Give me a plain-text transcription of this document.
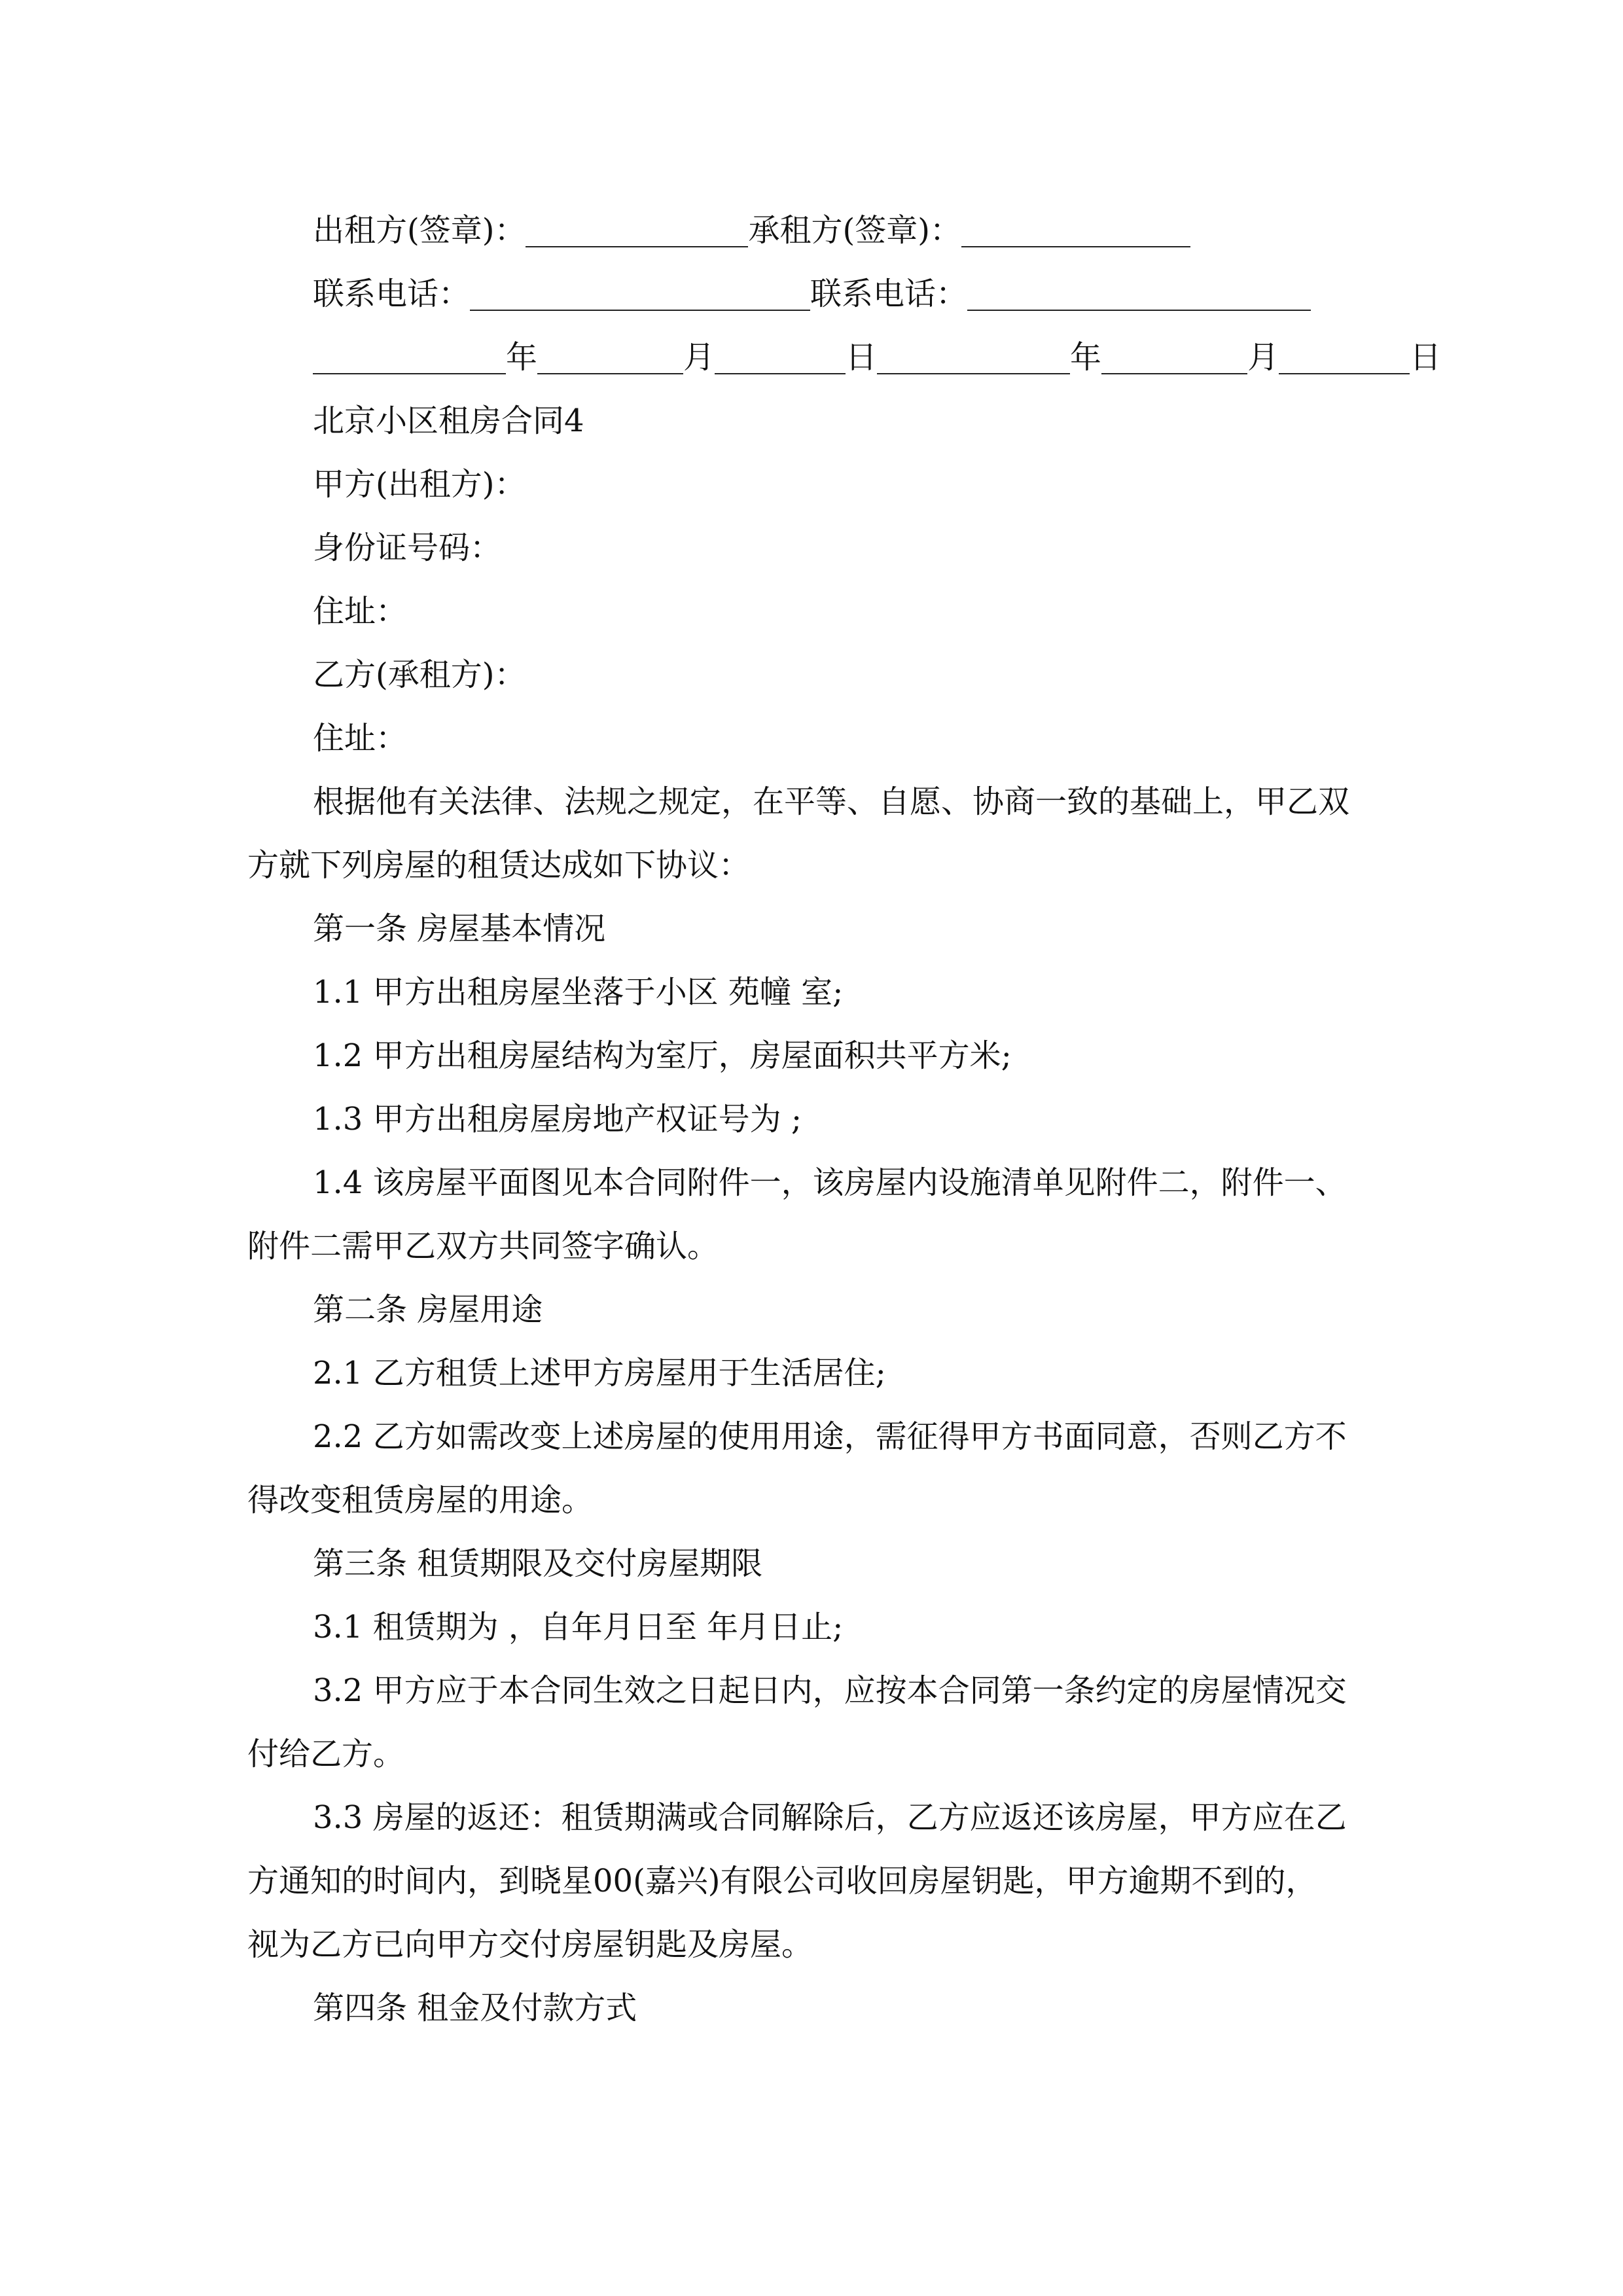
出租方(签章)：	承租方(签章)：
联系电话：	联系电话：
年	月	日	年	月	日
北京小区租房合同4
甲方(出租方)：
身份证号码：
住址：
乙方(承租方)：
住址：
根据他有关法律、法规之规定，在平等、自愿、协商一致的基础上，甲乙双
方就下列房屋的租赁达成如下协议：
第一条 房屋基本情况
1.1 甲方出租房屋坐落于小区 苑幢 室;
1.2 甲方出租房屋结构为室厅，房屋面积共平方米;
1.3 甲方出租房屋房地产权证号为 ;
1.4 该房屋平面图见本合同附件一，该房屋内设施清单见附件二，附件一、
附件二需甲乙双方共同签字确认。
第二条 房屋用途
2.1 乙方租赁上述甲方房屋用于生活居住;
2.2 乙方如需改变上述房屋的使用用途，需征得甲方书面同意，否则乙方不
得改变租赁房屋的用途。
第三条 租赁期限及交付房屋期限
3.1 租赁期为 ，自年月日至 年月日止;
3.2 甲方应于本合同生效之日起日内，应按本合同第一条约定的房屋情况交
付给乙方。
3.3 房屋的返还：租赁期满或合同解除后，乙方应返还该房屋，甲方应在乙
方通知的时间内，到晓星00(嘉兴)有限公司收回房屋钥匙，甲方逾期不到的，
视为乙方已向甲方交付房屋钥匙及房屋。
第四条 租金及付款方式
